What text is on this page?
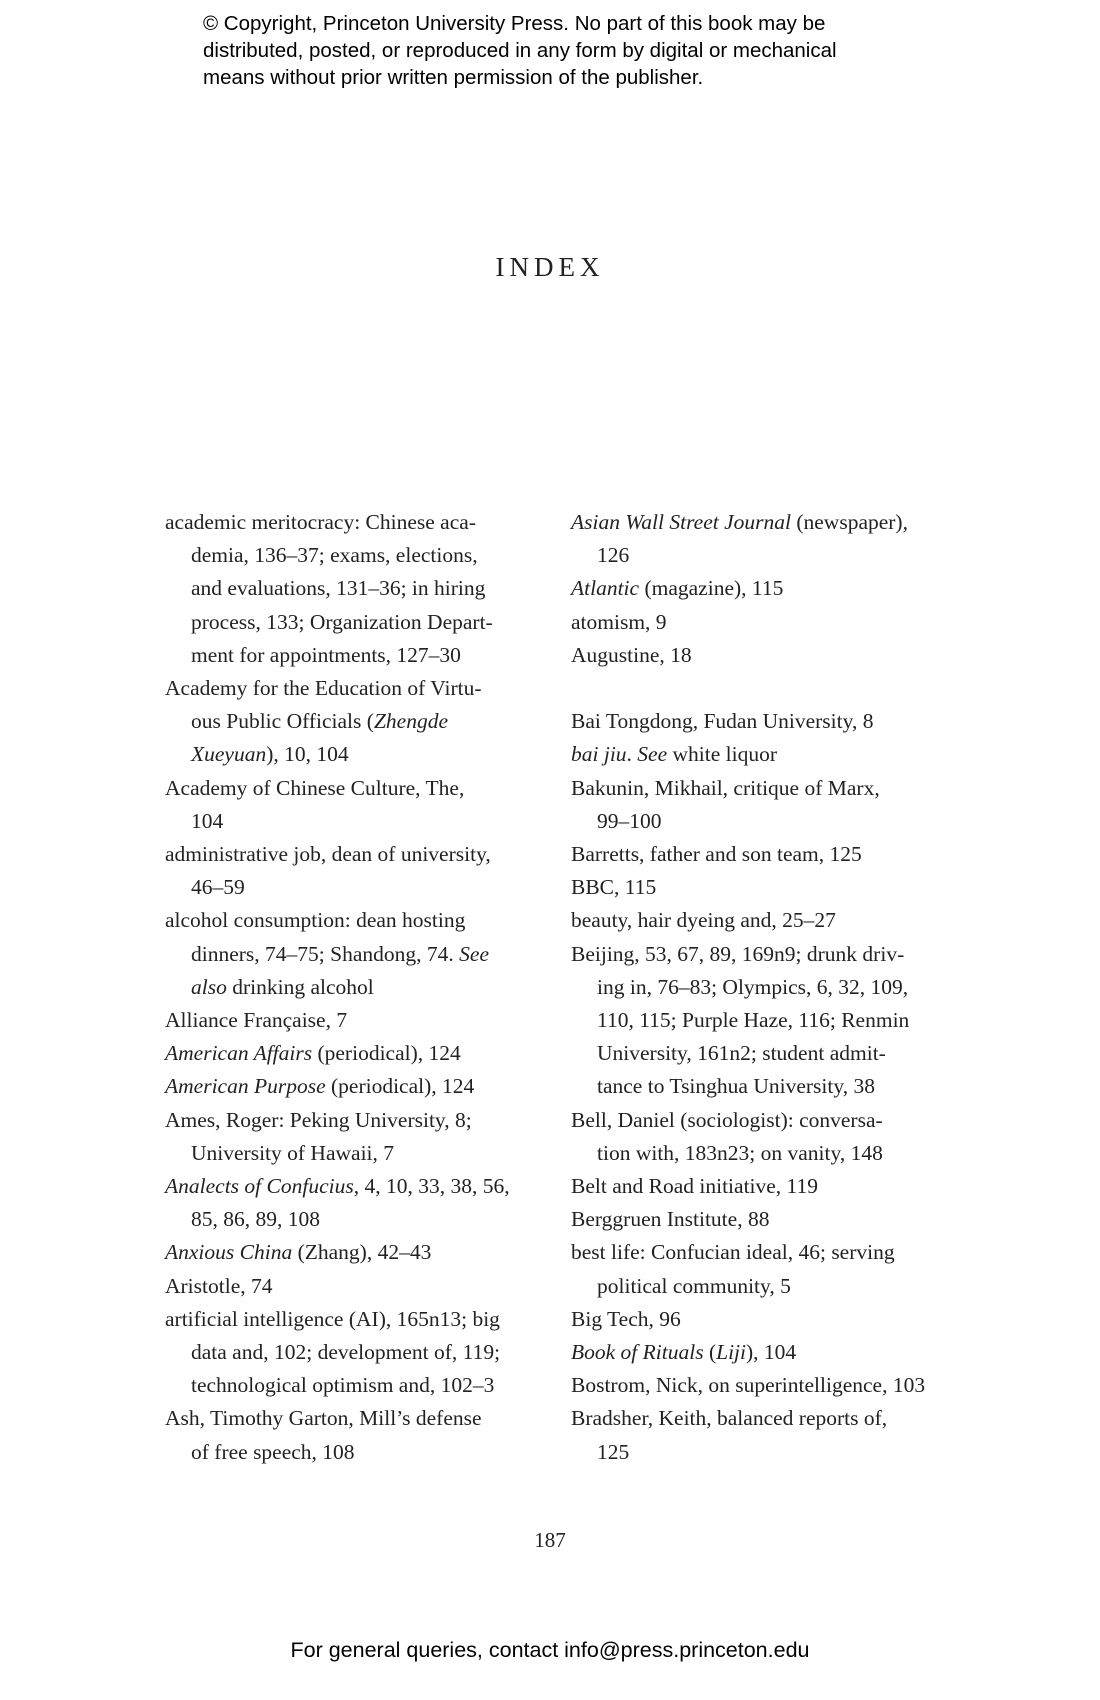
© Copyright, Princeton University Press. No part of this book may be
distributed, posted, or reproduced in any form by digital or mechanical
means without prior written permission of the publisher.
INDEX
academic meritocracy: Chinese aca-
demia, 136–37; exams, elections,
and evaluations, 131–36; in hiring
process, 133; Organization Depart-
ment for appointments, 127–30
Academy for the Education of Virtu-
ous Public Officials (Zhengde
Xueyuan), 10, 104
Academy of Chinese Culture, The,
104
administrative job, dean of university,
46–59
alcohol consumption: dean hosting
dinners, 74–75; Shandong, 74. See
also drinking alcohol
Alliance Française, 7
American Affairs (periodical), 124
American Purpose (periodical), 124
Ames, Roger: Peking University, 8;
University of Hawaii, 7
Analects of Confucius, 4, 10, 33, 38, 56,
85, 86, 89, 108
Anxious China (Zhang), 42–43
Aristotle, 74
artificial intelligence (AI), 165n13; big
data and, 102; development of, 119;
technological optimism and, 102–3
Ash, Timothy Garton, Mill’s defense
of free speech, 108
Asian Wall Street Journal (newspaper),
126
Atlantic (magazine), 115
atomism, 9
Augustine, 18
Bai Tongdong, Fudan University, 8
bai jiu. See white liquor
Bakunin, Mikhail, critique of Marx,
99–100
Barretts, father and son team, 125
BBC, 115
beauty, hair dyeing and, 25–27
Beijing, 53, 67, 89, 169n9; drunk driv-
ing in, 76–83; Olympics, 6, 32, 109,
110, 115; Purple Haze, 116; Renmin
University, 161n2; student admit-
tance to Tsinghua University, 38
Bell, Daniel (sociologist): conversa-
tion with, 183n23; on vanity, 148
Belt and Road initiative, 119
Berggruen Institute, 88
best life: Confucian ideal, 46; serving
political community, 5
Big Tech, 96
Book of Rituals (Liji), 104
Bostrom, Nick, on superintelligence, 103
Bradsher, Keith, balanced reports of,
125
187
For general queries, contact info@press.princeton.edu
